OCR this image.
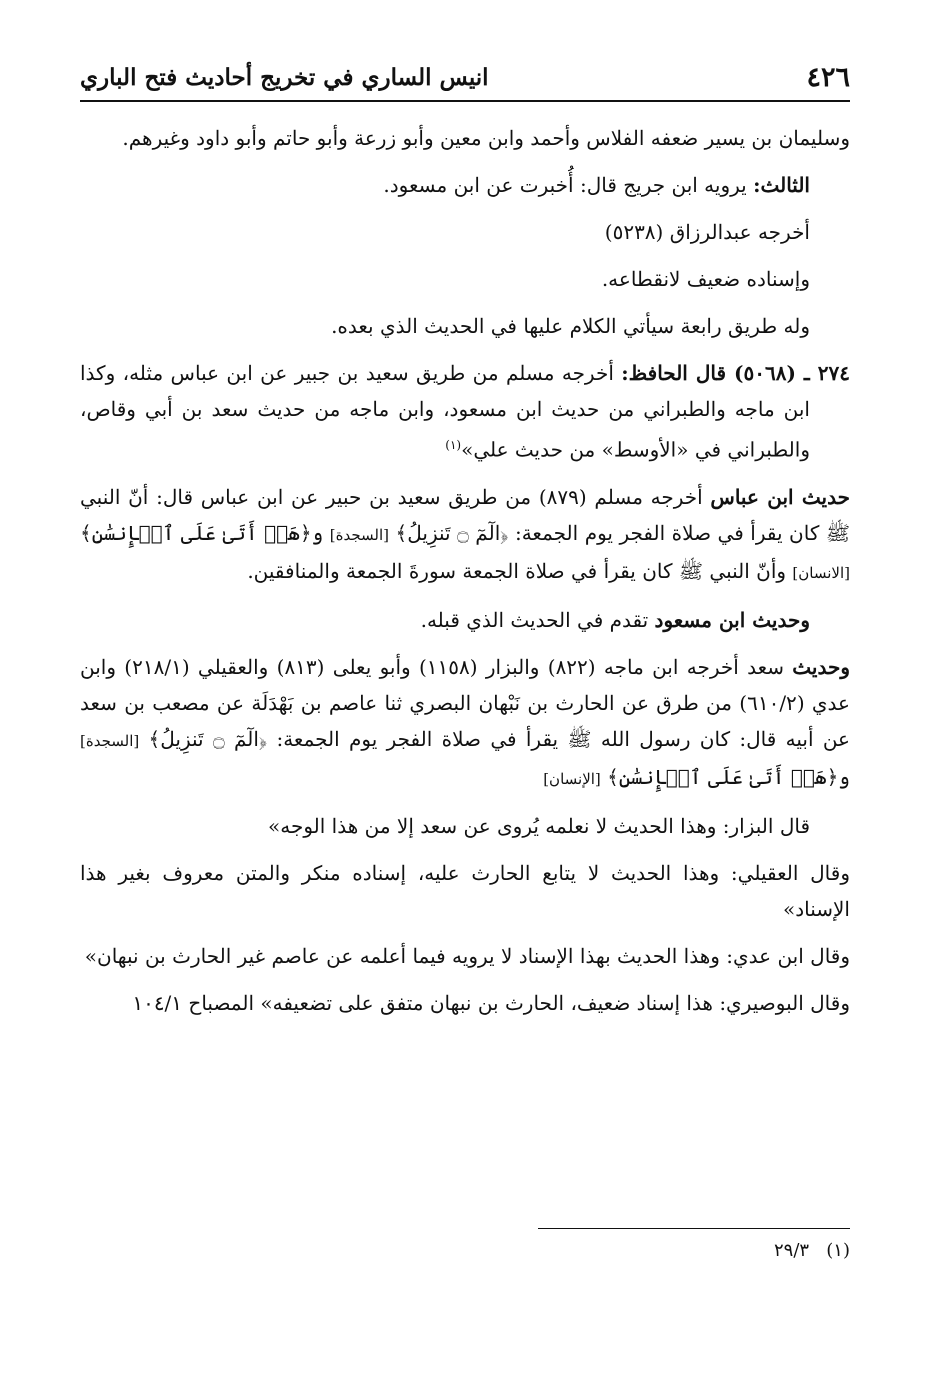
٤٢٦
انيس الساري في تخريج أحاديث فتح الباري

وسليمان بن يسير ضعفه الفلاس وأحمد وابن معين وأبو زرعة وأبو حاتم وأبو داود وغيرهم.

الثالث: يرويه ابن جريج قال: أُخبرت عن ابن مسعود.

أخرجه عبدالرزاق (٥٢٣٨)

وإسناده ضعيف لانقطاعه.

وله طريق رابعة سيأتي الكلام عليها في الحديث الذي بعده.

٢٧٤ ـ (٥٠٦٨) قال الحافظ: أخرجه مسلم من طريق سعيد بن جبير عن ابن عباس مثله، وكذا ابن ماجه والطبراني من حديث ابن مسعود، وابن ماجه من حديث سعد بن أبي وقاص، والطبراني في «الأوسط» من حديث علي»$^{(١)}$

حديث ابن عباس أخرجه مسلم (٨٧٩) من طريق سعيد بن حبير عن ابن عباس قال: أنّ النبي ﷺ كان يقرأ في صلاة الفجر يوم الجمعة: ﴿الٓمٓ ۝ تَنزِيلُ﴾ [السجدة] و﴿هَلۡ أَتَىٰ عَلَى ٱلۡإِنسَٰنِ﴾ [الانسان] وأنّ النبي ﷺ كان يقرأ في صلاة الجمعة سورةَ الجمعة والمنافقين.

وحديث ابن مسعود تقدم في الحديث الذي قبله.

وحديث سعد أخرجه ابن ماجه (٨٢٢) والبزار (١١٥٨) وأبو يعلى (٨١٣) والعقيلي (٢١٨/١) وابن عدي (٦١٠/٢) من طرق عن الحارث بن نَبْهان البصري ثنا عاصم بن بَهْدَلَة عن مصعب بن سعد عن أبيه قال: كان رسول الله ﷺ يقرأ في صلاة الفجر يوم الجمعة: ﴿الٓمٓ ۝ تَنزِيلُ﴾ [السجدة] و﴿هَلۡ أَتَىٰ عَلَى ٱلۡإِنسَٰنِ﴾ [الإنسان]

قال البزار: وهذا الحديث لا نعلمه يُروى عن سعد إلا من هذا الوجه»

وقال العقيلي: وهذا الحديث لا يتابع الحارث عليه، إسناده منكر والمتن معروف بغير هذا الإسناد»

وقال ابن عدي: وهذا الحديث بهذا الإسناد لا يرويه فيما أعلمه عن عاصم غير الحارث بن نبهان»

وقال البوصيري: هذا إسناد ضعيف، الحارث بن نبهان متفق على تضعيفه» المصباح ١٠٤/١

(١)   ٢٩/٣
